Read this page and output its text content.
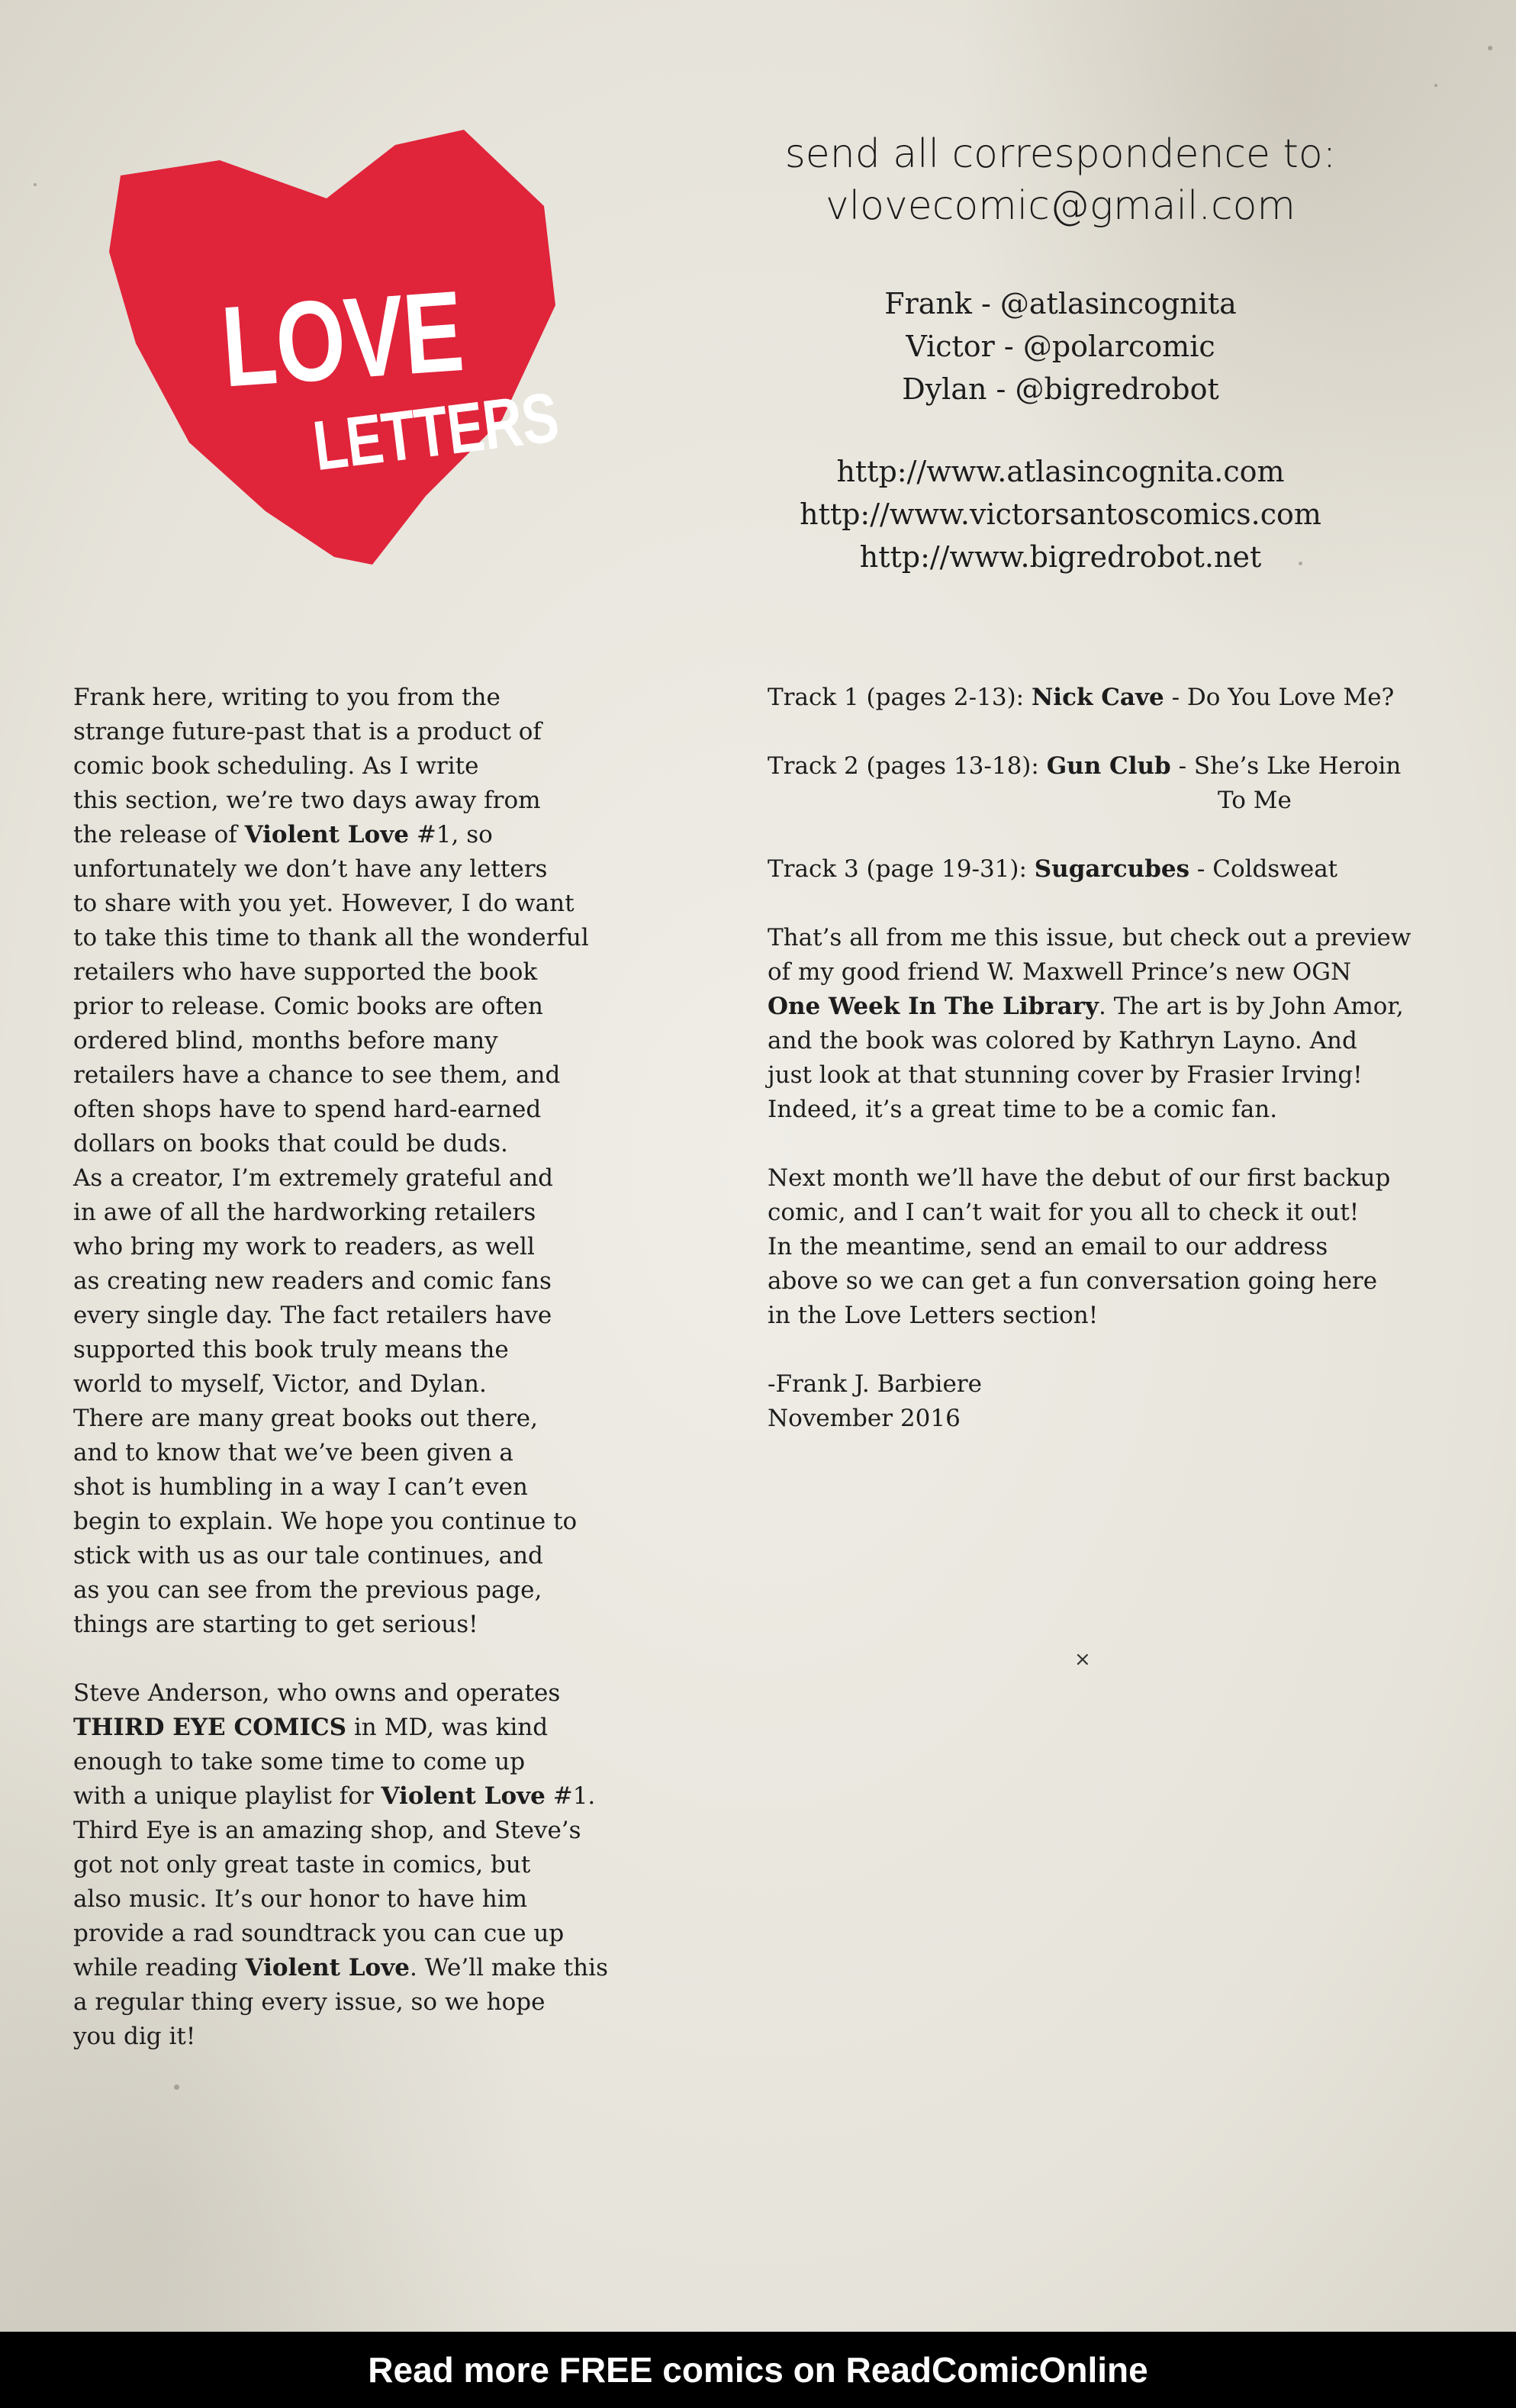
LOVE
LETTERS
send all correspondence to:
vlovecomic@gmail.com
Frank - @atlasincognita
Victor - @polarcomic
Dylan - @bigredrobot
http://www.atlasincognita.com
http://www.victorsantoscomics.com
http://www.bigredrobot.net
Frank here, writing to you from the
strange future-past that is a product of
comic book scheduling. As I write
this section, we’re two days away from
the release of Violent Love #1, so
unfortunately we don’t have any letters
to share with you yet. However, I do want
to take this time to thank all the wonderful
retailers who have supported the book
prior to release. Comic books are often
ordered blind, months before many
retailers have a chance to see them, and
often shops have to spend hard-earned
dollars on books that could be duds.
As a creator, I’m extremely grateful and
in awe of all the hardworking retailers
who bring my work to readers, as well
as creating new readers and comic fans
every single day. The fact retailers have
supported this book truly means the
world to myself, Victor, and Dylan.
There are many great books out there,
and to know that we’ve been given a
shot is humbling in a way I can’t even
begin to explain. We hope you continue to
stick with us as our tale continues, and
as you can see from the previous page,
things are starting to get serious!
Steve Anderson, who owns and operates
THIRD EYE COMICS in MD, was kind
enough to take some time to come up
with a unique playlist for Violent Love #1.
Third Eye is an amazing shop, and Steve’s
got not only great taste in comics, but
also music. It’s our honor to have him
provide a rad soundtrack you can cue up
while reading Violent Love. We’ll make this
a regular thing every issue, so we hope
you dig it!
Track 1 (pages 2-13): Nick Cave - Do You Love Me?
Track 2 (pages 13-18): Gun Club - She’s Lke Heroin
To Me
Track 3 (page 19-31): Sugarcubes - Coldsweat
That’s all from me this issue, but check out a preview
of my good friend W. Maxwell Prince’s new OGN
One Week In The Library. The art is by John Amor,
and the book was colored by Kathryn Layno. And
just look at that stunning cover by Frasier Irving!
Indeed, it’s a great time to be a comic fan.
Next month we’ll have the debut of our first backup
comic, and I can’t wait for you all to check it out!
In the meantime, send an email to our address
above so we can get a fun conversation going here
in the Love Letters section!
-Frank J. Barbiere
November 2016
×
Read more FREE comics on ReadComicOnline
